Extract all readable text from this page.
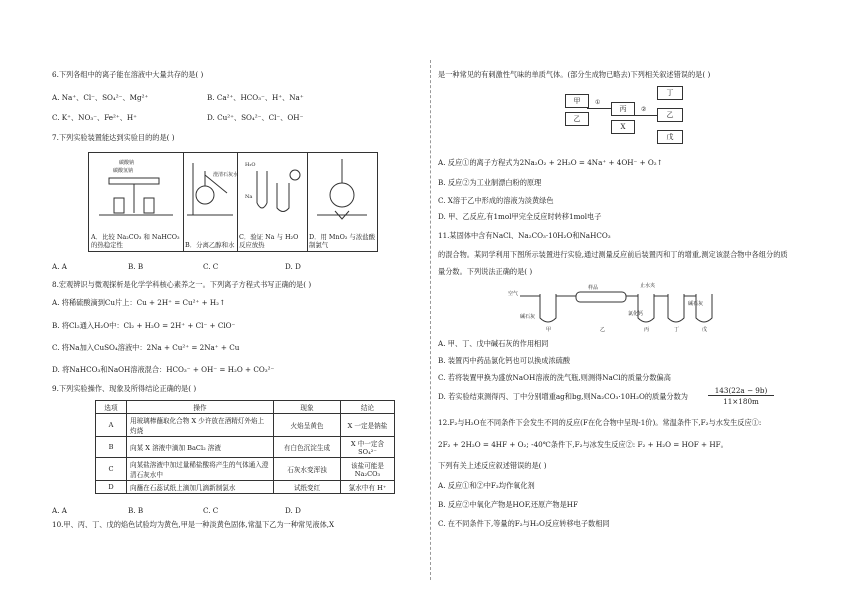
6.下列各组中的离子能在溶液中大量共存的是( )
A. Na⁺、Cl⁻、SO₄²⁻、Mg²⁺	B. Ca²⁺、HCO₃⁻、H⁺、Na⁺
C. K⁺、NO₃⁻、Fe²⁺、H⁺	D. Cu²⁺、SO₄²⁻、Cl⁻、OH⁻
7.下列实验装置能达到实验目的的是( )
碳酸钠
碳酸氢钠
A．比较 Na₂CO₃ 和 NaHCO₃ 的热稳定性
澄清石灰水
B．分离乙醇和水
H₂O
Na
C．验证 Na 与 H₂O 反应放热
D．用 MnO₂ 与浓盐酸制氯气
A. A	B. B	C. C	D. D
8.宏观辨识与微观探析是化学学科核心素养之一。下列离子方程式书写正确的是( )
A. 将稀硫酸滴到Cu片上：Cu + 2H⁺ = Cu²⁺ + H₂↑
B. 将Cl₂通入H₂O中：Cl₂ + H₂O = 2H⁺ + Cl⁻ + ClO⁻
C. 将Na加入CuSO₄溶液中：2Na + Cu²⁺ = 2Na⁺ + Cu
D. 将NaHCO₃和NaOH溶液混合：HCO₃⁻ + OH⁻ = H₂O + CO₃²⁻
9.下列实验操作、现象及所得结论正确的是( )
选项	操作	现象	结论
A	用玻璃棒蘸取化合物 X 少许放在酒精灯外焰上灼烧	火焰呈黄色	X 一定是钠盐
B	向某 X 溶液中滴加 BaCl₂ 溶液	有白色沉淀生成	X 中一定含 SO₄²⁻
C	向某盐溶液中加过量稀盐酸将产生的气体通入澄清石灰水中	石灰水变浑浊	该盐可能是 Na₂CO₃
D	向蘸在石蕊试纸上滴加几滴新制氯水	试纸变红	氯水中有 H⁺
A. A	B. B	C. C	D. D
10.甲、丙、丁、戊的焰色试验均为黄色,甲是一种淡黄色固体,常温下乙为一种常见液体,X
是一种常见的有刺激性气味的单质气体。(部分生成物已略去)下列相关叙述错误的是( )
甲
乙
①
丙
X
②
丁
乙
戊
A. 反应①的离子方程式为2Na₂O₂ + 2H₂O = 4Na⁺ + 4OH⁻ + O₂↑
B. 反应②为工业制漂白粉的原理
C. X溶于乙中形成的溶液为淡黄绿色
D. 甲、乙反应,有1mol甲完全反应时转移1mol电子
11.某固体中含有NaCl、Na₂CO₃·10H₂O和NaHCO₃
的混合物。某同学利用下图所示装置进行实验,通过测量反应前后装置丙和丁的增重,测定该混合物中各组分的质
量分数。下列说法正确的是( )
空气
碱石灰
样品	止水夹
氯化钙
碱石灰
甲	乙	丙	丁	戊
A. 甲、丁、戊中碱石灰的作用相同
B. 装置丙中药品氯化钙也可以换成浓硫酸
C. 若将装置甲换为盛放NaOH溶液的洗气瓶,则测得NaCl的质量分数偏高
D. 若实验结束测得丙、丁中分别增重ag和bg,则Na₂CO₃·10H₂O的质量分数为
143(22a − 9b)
11×180m
12.F₂与H₂O在不同条件下会发生不同的反应(F在化合物中呈现-1价)。常温条件下,F₂与水发生反应①:
2F₂ + 2H₂O = 4HF + O₂; -40℃条件下,F₂与冰发生反应②: F₂ + H₂O = HOF + HF。
下列有关上述反应叙述错误的是( )
A. 反应①和②中F₂均作氧化剂
B. 反应②中氧化产物是HOF,还原产物是HF
C. 在不同条件下,等量的F₂与H₂O反应转移电子数相同
